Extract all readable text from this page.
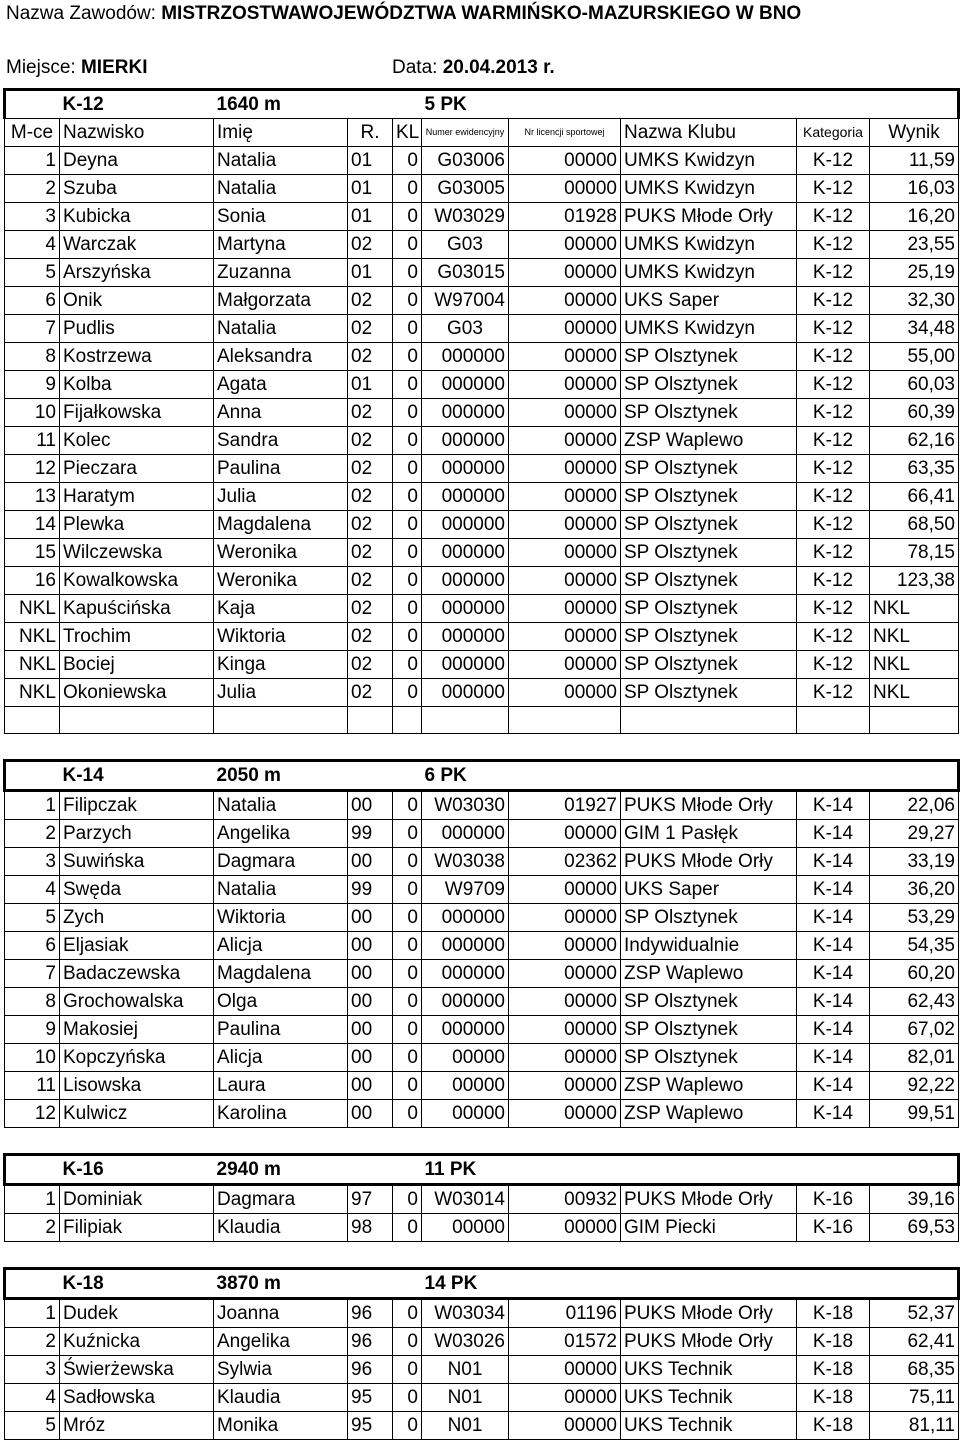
Nazwa Zawodów: MISTRZOSTWAWOJEWÓDZTWA WARMIŃSKO-MAZURSKIEGO W BNO
Miejsce: MIERKI	Data: 20.04.2013 r.
	K-12	1640 m			5 PK				
M-ce	Nazwisko	Imię	R.	KL	Numer ewidencyjny	Nr licencji sportowej	Nazwa Klubu	Kategoria	Wynik
1	Deyna	Natalia	01	0	G03006	00000	UMKS Kwidzyn	K-12	11,59
2	Szuba	Natalia	01	0	G03005	00000	UMKS Kwidzyn	K-12	16,03
3	Kubicka	Sonia	01	0	W03029	01928	PUKS Młode Orły	K-12	16,20
4	Warczak	Martyna	02	0	G03	00000	UMKS Kwidzyn	K-12	23,55
5	Arszyńska	Zuzanna	01	0	G03015	00000	UMKS Kwidzyn	K-12	25,19
6	Onik	Małgorzata	02	0	W97004	00000	UKS Saper	K-12	32,30
7	Pudlis	Natalia	02	0	G03	00000	UMKS Kwidzyn	K-12	34,48
8	Kostrzewa	Aleksandra	02	0	000000	00000	SP Olsztynek	K-12	55,00
9	Kolba	Agata	01	0	000000	00000	SP Olsztynek	K-12	60,03
10	Fijałkowska	Anna	02	0	000000	00000	SP Olsztynek	K-12	60,39
11	Kolec	Sandra	02	0	000000	00000	ZSP Waplewo	K-12	62,16
12	Pieczara	Paulina	02	0	000000	00000	SP Olsztynek	K-12	63,35
13	Haratym	Julia	02	0	000000	00000	SP Olsztynek	K-12	66,41
14	Plewka	Magdalena	02	0	000000	00000	SP Olsztynek	K-12	68,50
15	Wilczewska	Weronika	02	0	000000	00000	SP Olsztynek	K-12	78,15
16	Kowalkowska	Weronika	02	0	000000	00000	SP Olsztynek	K-12	123,38
NKL	Kapuścińska	Kaja	02	0	000000	00000	SP Olsztynek	K-12	NKL
NKL	Trochim	Wiktoria	02	0	000000	00000	SP Olsztynek	K-12	NKL
NKL	Bociej	Kinga	02	0	000000	00000	SP Olsztynek	K-12	NKL
NKL	Okoniewska	Julia	02	0	000000	00000	SP Olsztynek	K-12	NKL

	K-14	2050 m			6 PK				
1	Filipczak	Natalia	00	0	W03030	01927	PUKS Młode Orły	K-14	22,06
2	Parzych	Angelika	99	0	000000	00000	GIM 1 Pasłęk	K-14	29,27
3	Suwińska	Dagmara	00	0	W03038	02362	PUKS Młode Orły	K-14	33,19
4	Swęda	Natalia	99	0	W9709	00000	UKS Saper	K-14	36,20
5	Zych	Wiktoria	00	0	000000	00000	SP Olsztynek	K-14	53,29
6	Eljasiak	Alicja	00	0	000000	00000	Indywidualnie	K-14	54,35
7	Badaczewska	Magdalena	00	0	000000	00000	ZSP Waplewo	K-14	60,20
8	Grochowalska	Olga	00	0	000000	00000	SP Olsztynek	K-14	62,43
9	Makosiej	Paulina	00	0	000000	00000	SP Olsztynek	K-14	67,02
10	Kopczyńska	Alicja	00	0	00000	00000	SP Olsztynek	K-14	82,01
11	Lisowska	Laura	00	0	00000	00000	ZSP Waplewo	K-14	92,22
12	Kulwicz	Karolina	00	0	00000	00000	ZSP Waplewo	K-14	99,51

	K-16	2940 m			11 PK				
1	Dominiak	Dagmara	97	0	W03014	00932	PUKS Młode Orły	K-16	39,16
2	Filipiak	Klaudia	98	0	00000	00000	GIM Piecki	K-16	69,53

	K-18	3870 m			14 PK				
1	Dudek	Joanna	96	0	W03034	01196	PUKS Młode Orły	K-18	52,37
2	Kuźnicka	Angelika	96	0	W03026	01572	PUKS Młode Orły	K-18	62,41
3	Świerżewska	Sylwia	96	0	N01	00000	UKS Technik	K-18	68,35
4	Sadłowska	Klaudia	95	0	N01	00000	UKS Technik	K-18	75,11
5	Mróz	Monika	95	0	N01	00000	UKS Technik	K-18	81,11
